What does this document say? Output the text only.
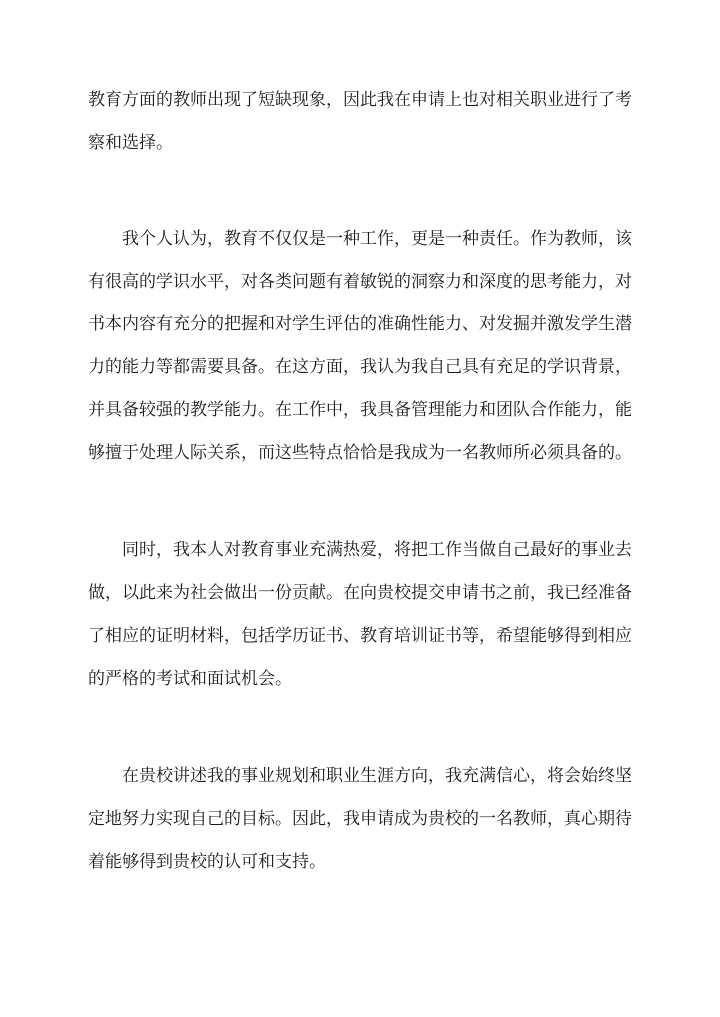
教育方面的教师出现了短缺现象，因此我在申请上也对相关职业进行了考
察和选择。
我个人认为，教育不仅仅是一种工作，更是一种责任。作为教师，该
有很高的学识水平，对各类问题有着敏锐的洞察力和深度的思考能力，对
书本内容有充分的把握和对学生评估的准确性能力、对发掘并激发学生潜
力的能力等都需要具备。在这方面，我认为我自己具有充足的学识背景，
并具备较强的教学能力。在工作中，我具备管理能力和团队合作能力，能
够擅于处理人际关系，而这些特点恰恰是我成为一名教师所必须具备的。
同时，我本人对教育事业充满热爱，将把工作当做自己最好的事业去
做，以此来为社会做出一份贡献。在向贵校提交申请书之前，我已经准备
了相应的证明材料，包括学历证书、教育培训证书等，希望能够得到相应
的严格的考试和面试机会。
在贵校讲述我的事业规划和职业生涯方向，我充满信心，将会始终坚
定地努力实现自己的目标。因此，我申请成为贵校的一名教师，真心期待
着能够得到贵校的认可和支持。
